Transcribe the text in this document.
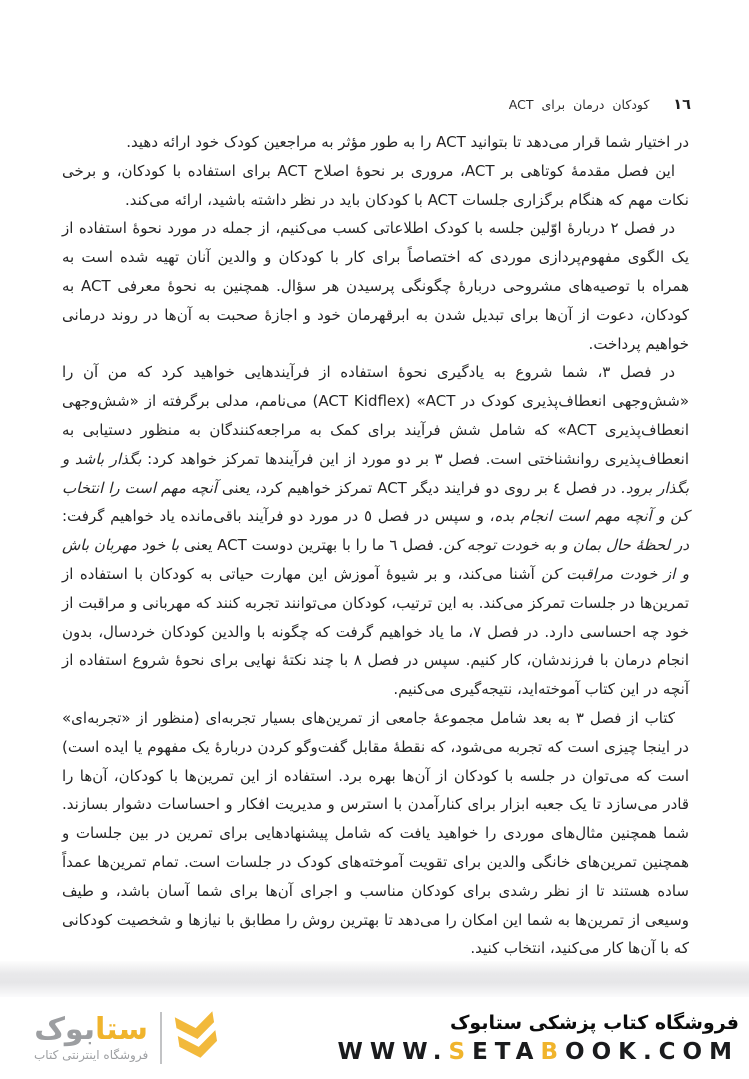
ACT برای درمان کودکان ١٦

در اختیار شما قرار می‌دهد تا بتوانید ACT را به طور مؤثر به مراجعین کودک خود ارائه دهید.

این فصل مقدمهٔ کوتاهی بر ACT، مروری بر نحوهٔ اصلاح ACT برای استفاده با کودکان، و برخی نکات مهم که هنگام برگزاری جلسات ACT با کودکان باید در نظر داشته باشید، ارائه می‌کند.

در فصل ٢ دربارهٔ اوّلین جلسه با کودک اطلاعاتی کسب می‌کنیم، از جمله در مورد نحوهٔ استفاده از یک الگوی مفهوم‌پردازی موردی که اختصاصاً برای کار با کودکان و والدین آنان تهیه شده است به همراه با توصیه‌های مشروحی دربارهٔ چگونگی پرسیدن هر سؤال. همچنین به نحوهٔ معرفی ACT به کودکان، دعوت از آن‌ها برای تبدیل شدن به ابرقهرمان خود و اجازهٔ صحبت به آن‌ها در روند درمانی خواهیم پرداخت.

در فصل ٣، شما شروع به یادگیری نحوهٔ استفاده از فرآیندهایی خواهید کرد که من آن را «شش‌وجهی انعطاف‌پذیری کودک در ACT» (ACT Kidflex) می‌نامم، مدلی برگرفته از «شش‌وجهی انعطاف‌پذیری ACT» که شامل شش فرآیند برای کمک به مراجعه‌کنندگان به منظور دستیابی به انعطاف‌پذیری روانشناختی است. فصل ٣ بر دو مورد از این فرآیندها تمرکز خواهد کرد: بگذار باشد و بگذار برود. در فصل ٤ بر روی دو فرایند دیگر ACT تمرکز خواهیم کرد، یعنی آنچه مهم است را انتخاب کن و آنچه مهم است انجام بده، و سپس در فصل ٥ در مورد دو فرآیند باقی‌مانده یاد خواهیم گرفت: در لحظهٔ حال بمان و به خودت توجه کن. فصل ٦ ما را با بهترین دوست ACT یعنی با خود مهربان باش و از خودت مراقبت کن آشنا می‌کند، و بر شیوهٔ آموزش این مهارت حیاتی به کودکان با استفاده از تمرین‌ها در جلسات تمرکز می‌کند. به این ترتیب، کودکان می‌توانند تجربه کنند که مهربانی و مراقبت از خود چه احساسی دارد. در فصل ٧، ما یاد خواهیم گرفت که چگونه با والدین کودکان خردسال، بدون انجام درمان با فرزندشان، کار کنیم. سپس در فصل ٨ با چند نکتهٔ نهایی برای نحوهٔ شروع استفاده از آنچه در این کتاب آموخته‌اید، نتیجه‌گیری می‌کنیم.

کتاب از فصل ٣ به بعد شامل مجموعهٔ جامعی از تمرین‌های بسیار تجربه‌ای (منظور از «تجربه‌ای» در اینجا چیزی است که تجربه می‌شود، که نقطهٔ مقابل گفت‌وگو کردن دربارهٔ یک مفهوم یا ایده است) است که می‌توان در جلسه با کودکان از آن‌ها بهره برد. استفاده از این تمرین‌ها با کودکان، آن‌ها را قادر می‌سازد تا یک جعبه ابزار برای کنارآمدن با استرس و مدیریت افکار و احساسات دشوار بسازند. شما همچنین مثال‌های موردی را خواهید یافت که شامل پیشنهادهایی برای تمرین در بین جلسات و همچنین تمرین‌های خانگی والدین برای تقویت آموخته‌های کودک در جلسات است. تمام تمرین‌ها عمداً ساده هستند تا از نظر رشدی برای کودکان مناسب و اجرای آن‌ها برای شما آسان باشد، و طیف وسیعی از تمرین‌ها به شما این امکان را می‌دهد تا بهترین روش را مطابق با نیازها و شخصیت کودکانی که با آن‌ها کار می‌کنید، انتخاب کنید.

ستابوک
فروشگاه اینترنتی کتاب
فروشگاه کتاب پزشکی ستابوک
WWW.SETABOOK.COM
